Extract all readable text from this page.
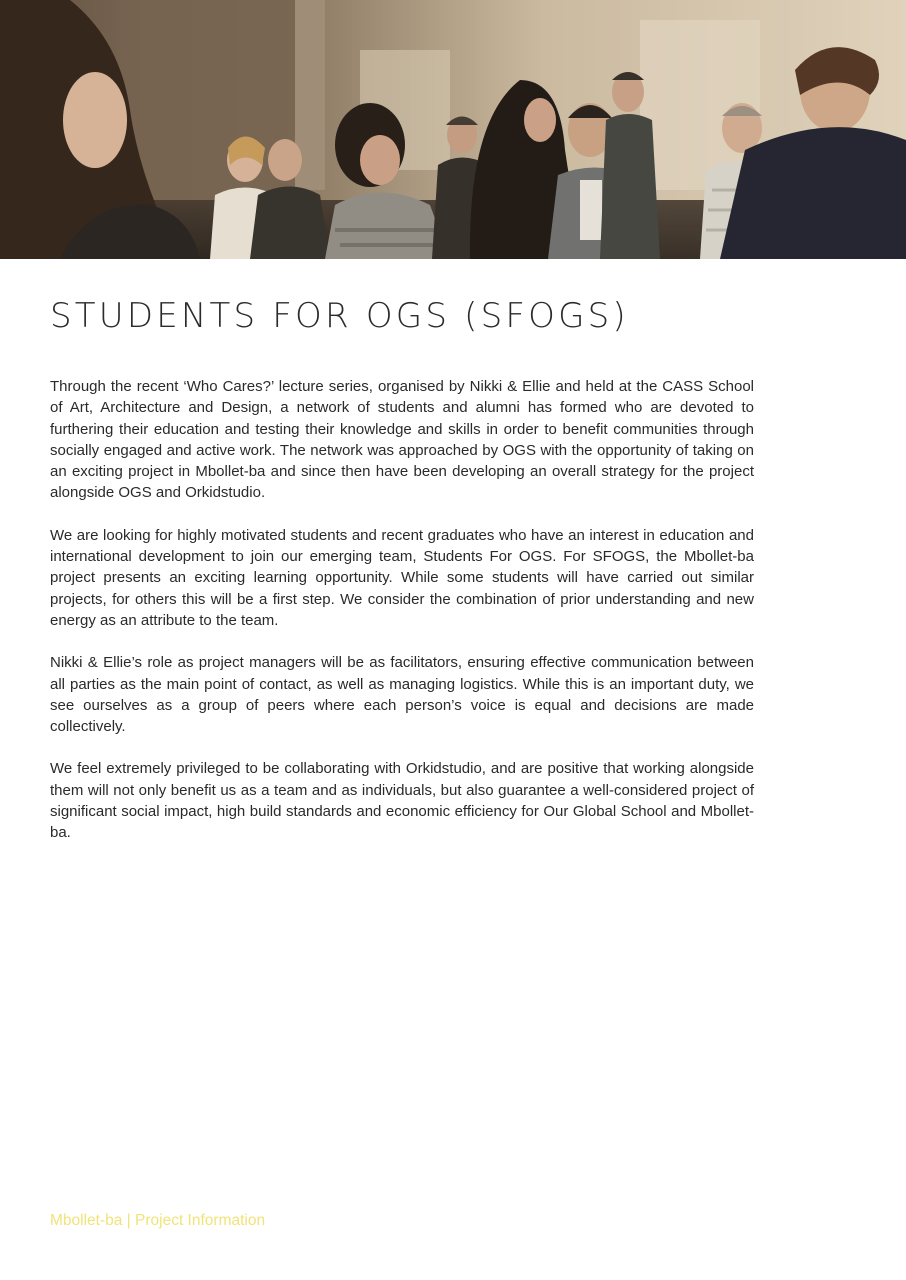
STUDENTS FOR OGS (SFOGS)

Through the recent ‘Who Cares?’ lecture series, organised by Nikki & Ellie and held at the CASS School of Art, Architecture and Design, a network of students and alumni has formed who are devoted to furthering their education and testing their knowledge and skills in order to benefit communities through socially engaged and active work. The network was approached by OGS with the opportunity of taking on an exciting project in Mbollet-ba and since then have been developing an overall strategy for the project alongside OGS and Orkidstudio.

We are looking for highly motivated students and recent graduates who have an interest in education and international development to join our emerging team, Students For OGS. For SFOGS, the Mbollet-ba project presents an exciting learning opportunity. While some students will have carried out similar projects, for others this will be a first step. We consider the combination of prior understanding and new energy as an attribute to the team.

Nikki & Ellie’s role as project managers will be as facilitators, ensuring effective communication between all parties as the main point of contact, as well as managing logistics. While this is an important duty, we see ourselves as a group of peers where each person’s voice is equal and decisions are made collectively.

We feel extremely privileged to be collaborating with Orkidstudio, and are positive that working alongside them will not only benefit us as a team and as individuals, but also guarantee a well-considered project of significant social impact, high build standards and economic efficiency for Our Global School and Mbollet-ba.

Mbollet-ba | Project Information
